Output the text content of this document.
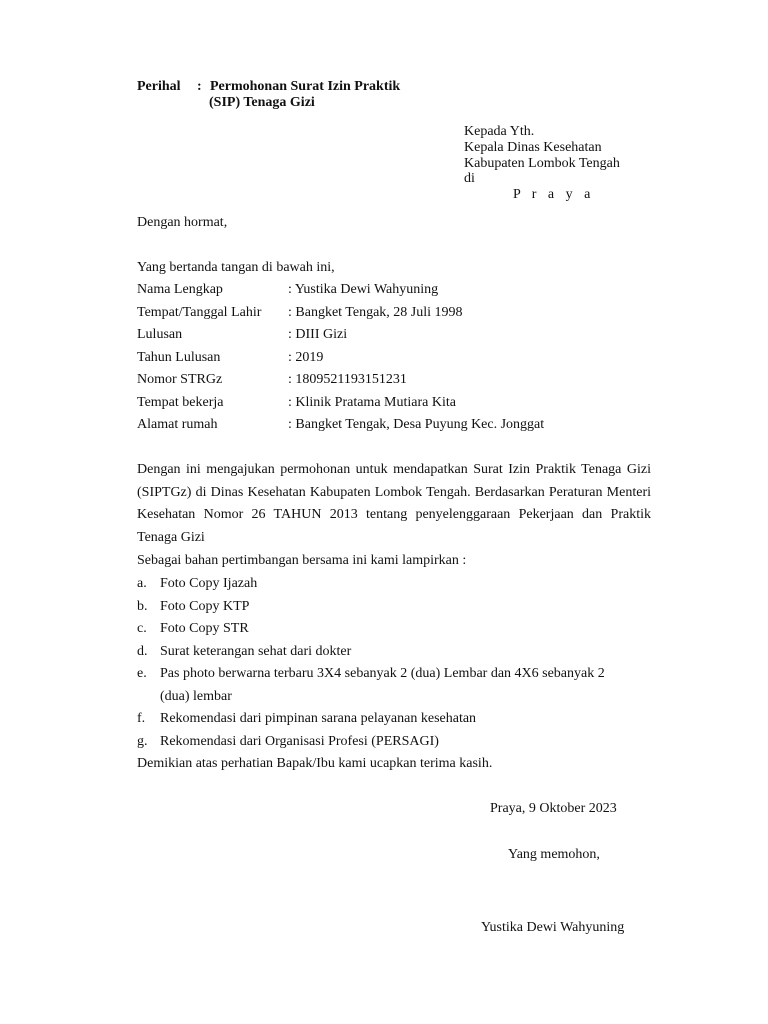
Perihal : Permohonan Surat Izin Praktik
(SIP) Tenaga Gizi
Kepada Yth.
Kepala Dinas Kesehatan
Kabupaten Lombok Tengah
di
P r a y a
Dengan hormat,
Yang bertanda tangan di bawah ini,
Nama Lengkap	: Yustika Dewi Wahyuning
Tempat/Tanggal Lahir : Bangket Tengak, 28 Juli 1998
Lulusan	: DIII Gizi
Tahun Lulusan	: 2019
Nomor STRGz	: 1809521193151231
Tempat bekerja	: Klinik Pratama Mutiara Kita
Alamat rumah	: Bangket Tengak, Desa Puyung Kec. Jonggat
Dengan ini mengajukan permohonan untuk mendapatkan Surat Izin Praktik Tenaga Gizi (SIPTGz) di Dinas Kesehatan Kabupaten Lombok Tengah. Berdasarkan Peraturan Menteri Kesehatan Nomor 26 TAHUN 2013 tentang penyelenggaraan Pekerjaan dan Praktik Tenaga Gizi
Sebagai bahan pertimbangan bersama ini kami lampirkan :
a. Foto Copy Ijazah
b. Foto Copy KTP
c. Foto Copy STR
d. Surat keterangan sehat dari dokter
e. Pas photo berwarna terbaru 3X4 sebanyak 2 (dua) Lembar dan 4X6 sebanyak 2
(dua) lembar
f. Rekomendasi dari pimpinan sarana pelayanan kesehatan
g. Rekomendasi dari Organisasi Profesi (PERSAGI)
Demikian atas perhatian Bapak/Ibu kami ucapkan terima kasih.
Praya, 9 Oktober 2023
Yang memohon,
Yustika Dewi Wahyuning
